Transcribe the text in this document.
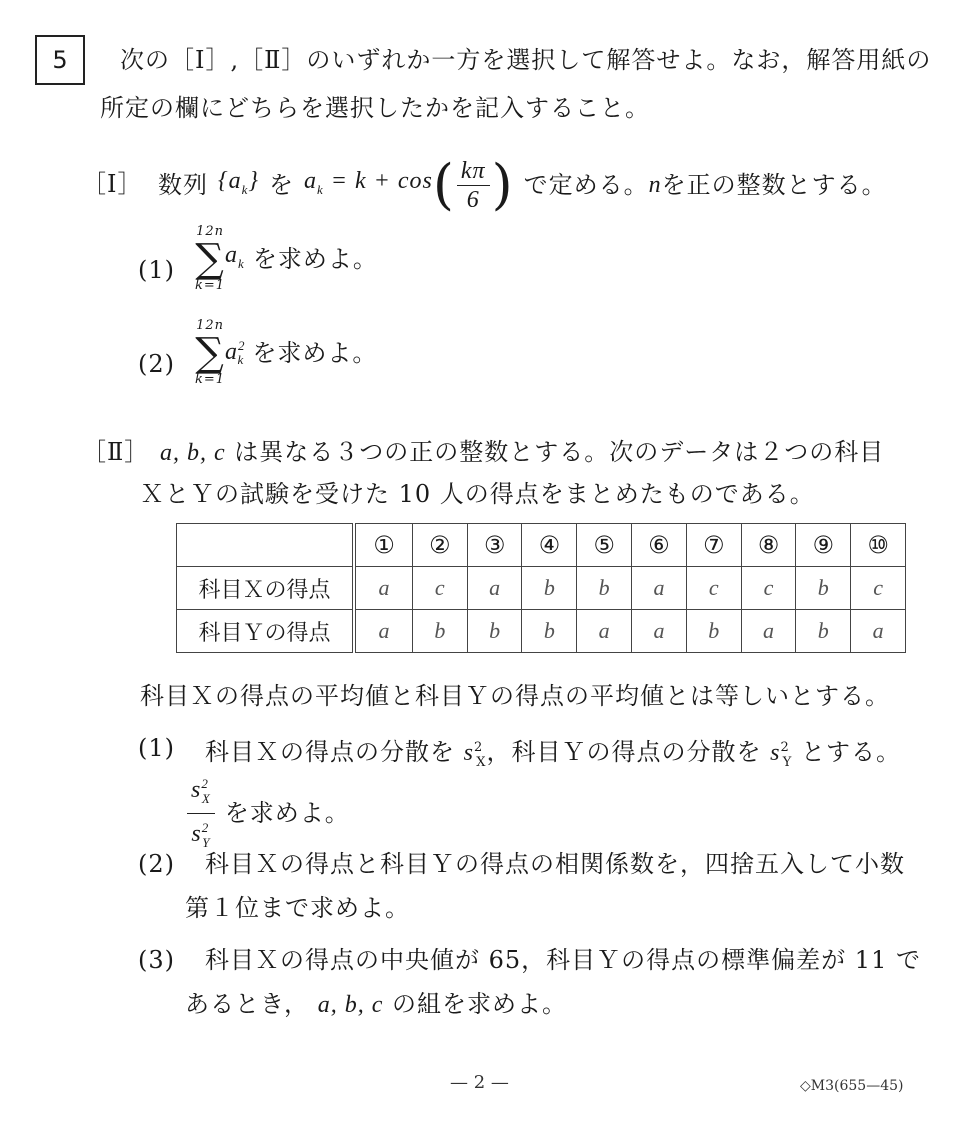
5 次の［Ⅰ］,［Ⅱ］のいずれか一方を選択して解答せよ。なお，解答用紙の
所定の欄にどちらを選択したかを記入すること。
［Ⅰ］ 数列 $\{a_k\}$ を $a_k = k + \cos$ ( $\frac{k\pi}{6}$ ) で定める。 n を正の整数とする。
(1)
12n
∑
k=1
$a_k$ を求めよ。
(2)
12n
∑
k=1
$a^2_k$ を求めよ。
［Ⅱ］ a, b, c は異なる３つの正の整数とする。次のデータは２つの科目
ＸとＹの試験を受けた 10 人の得点をまとめたものである。
	①	②	③	④	⑤	⑥	⑦	⑧	⑨	⑩
科目Ｘの得点	a	c	a	b	b	a	c	c	b	c
科目Ｙの得点	a	b	b	b	a	a	b	a	b	a
科目Ｘの得点の平均値と科目Ｙの得点の平均値とは等しいとする。
(1) 科目Ｘの得点の分散を $s^2_X$，科目Ｙの得点の分散を $s^2_Y$ とする。
$\frac{s^2_X}{s^2_Y}$ を求めよ。
(2) 科目Ｘの得点と科目Ｙの得点の相関係数を，四捨五入して小数
第１位まで求めよ。
(3) 科目Ｘの得点の中央値が 65，科目Ｙの得点の標準偏差が 11 で
あるとき， a, b, c の組を求めよ。
— 2 —	◇M3(655—45)
